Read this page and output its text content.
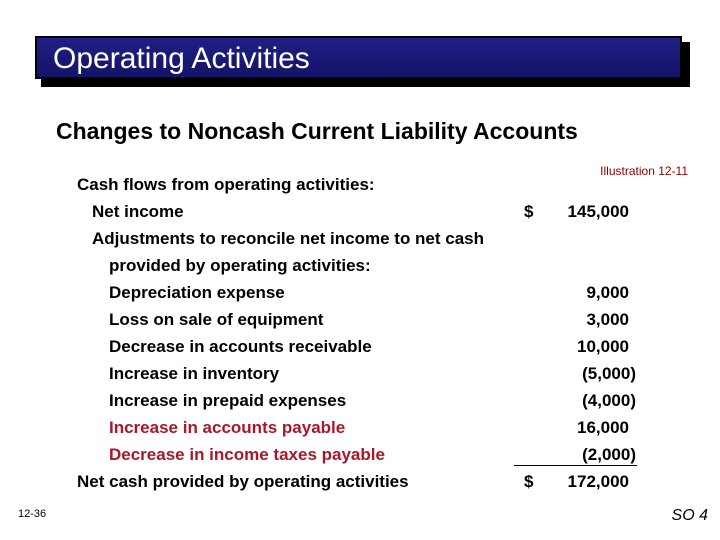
Operating Activities
Changes to Noncash Current Liability Accounts
Illustration 12-11
Cash flows from operating activities:
Net income	$	145,000
Adjustments to reconcile net income to net cash
provided by operating activities:
Depreciation expense	9,000
Loss on sale of equipment	3,000
Decrease in accounts receivable	10,000
Increase in inventory	(5,000)
Increase in prepaid expenses	(4,000)
Increase in accounts payable	16,000
Decrease in income taxes payable	(2,000)
Net cash provided by operating activities	$	172,000
12-36	SO 4
